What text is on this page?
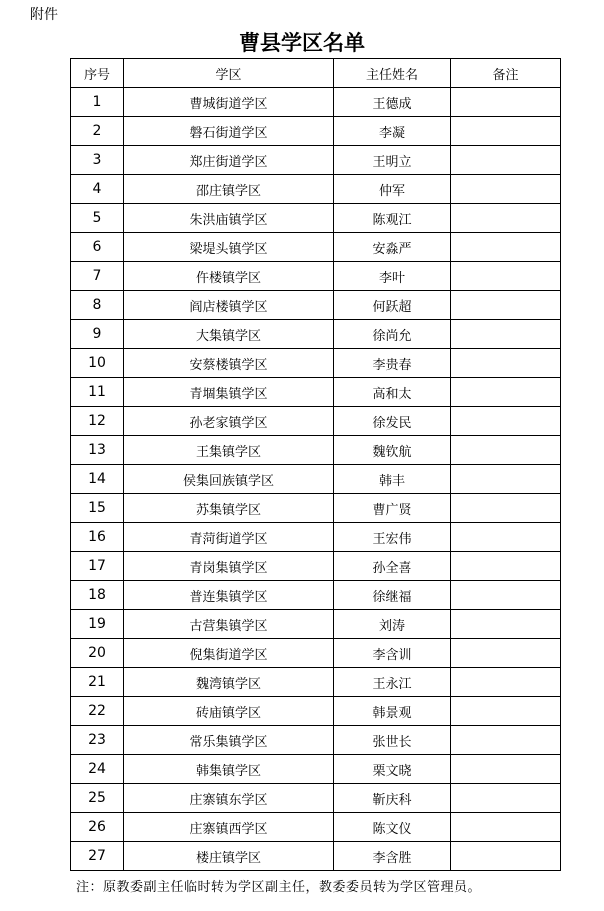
附件
曹县学区名单
序号	学区	主任姓名	备注
1	曹城街道学区	王德成	
2	磐石街道学区	李凝	
3	郑庄街道学区	王明立	
4	邵庄镇学区	仲军	
5	朱洪庙镇学区	陈观江	
6	梁堤头镇学区	安淼严	
7	仵楼镇学区	李叶	
8	阎店楼镇学区	何跃超	
9	大集镇学区	徐尚允	
10	安蔡楼镇学区	李贵春	
11	青堌集镇学区	高和太	
12	孙老家镇学区	徐发民	
13	王集镇学区	魏钦航	
14	侯集回族镇学区	韩丰	
15	苏集镇学区	曹广贤	
16	青菏街道学区	王宏伟	
17	青岗集镇学区	孙全喜	
18	普连集镇学区	徐继福	
19	古营集镇学区	刘涛	
20	倪集街道学区	李含训	
21	魏湾镇学区	王永江	
22	砖庙镇学区	韩景观	
23	常乐集镇学区	张世长	
24	韩集镇学区	栗文晓	
25	庄寨镇东学区	靳庆科	
26	庄寨镇西学区	陈文仪	
27	楼庄镇学区	李含胜	
注：原教委副主任临时转为学区副主任，教委委员转为学区管理员。
